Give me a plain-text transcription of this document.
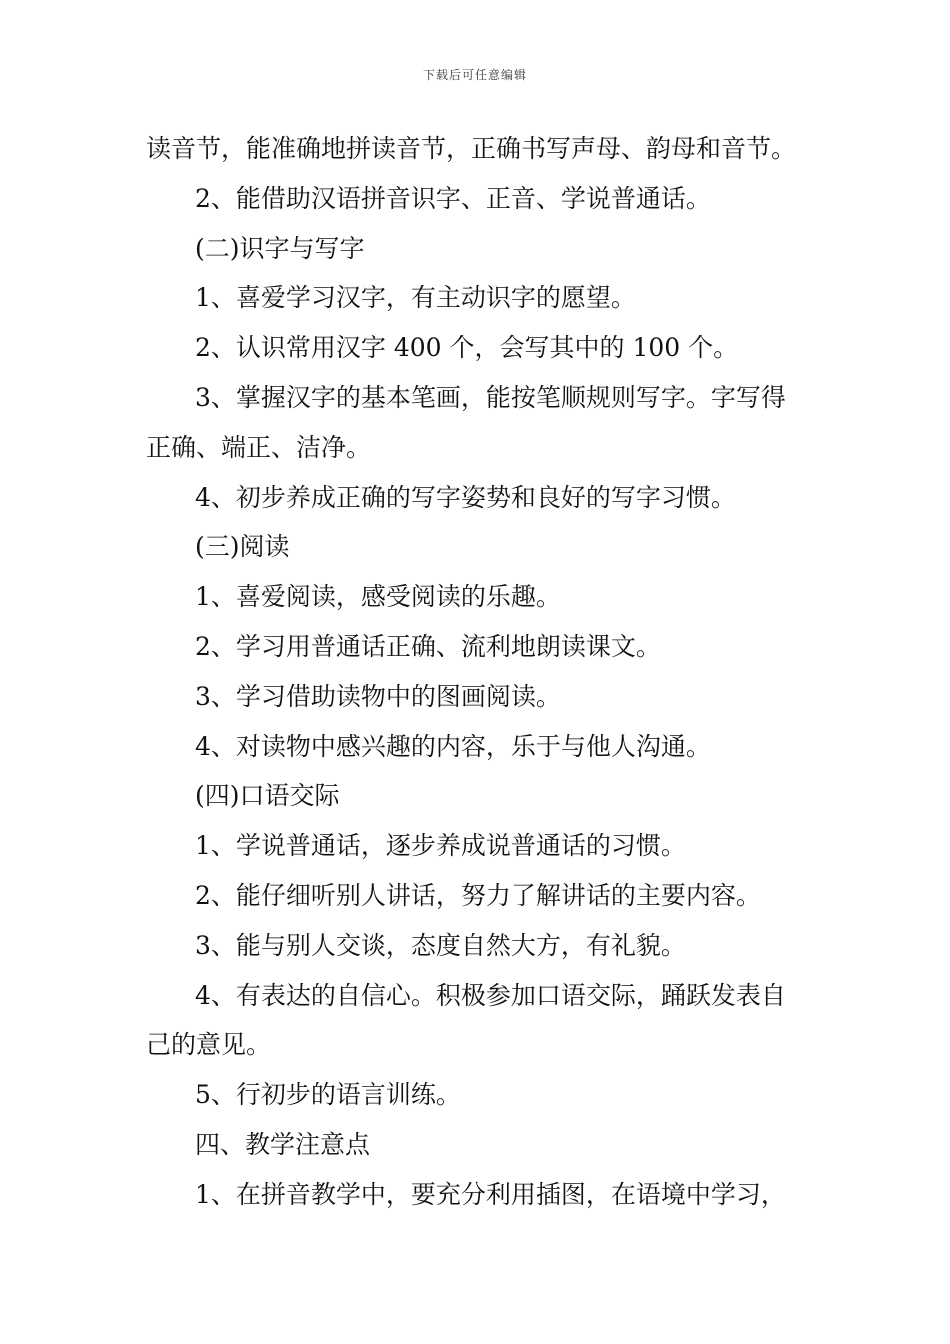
下载后可任意编辑
读音节，能准确地拼读音节，正确书写声母、韵母和音节。
2、能借助汉语拼音识字、正音、学说普通话。
(二)识字与写字
1、喜爱学习汉字，有主动识字的愿望。
2、认识常用汉字 400 个，会写其中的 100 个。
3、掌握汉字的基本笔画，能按笔顺规则写字。字写得
正确、端正、洁净。
4、初步养成正确的写字姿势和良好的写字习惯。
(三)阅读
1、喜爱阅读，感受阅读的乐趣。
2、学习用普通话正确、流利地朗读课文。
3、学习借助读物中的图画阅读。
4、对读物中感兴趣的内容，乐于与他人沟通。
(四)口语交际
1、学说普通话，逐步养成说普通话的习惯。
2、能仔细听别人讲话，努力了解讲话的主要内容。
3、能与别人交谈，态度自然大方，有礼貌。
4、有表达的自信心。积极参加口语交际，踊跃发表自
己的意见。
5、行初步的语言训练。
四、教学注意点
1、在拼音教学中，要充分利用插图，在语境中学习，
